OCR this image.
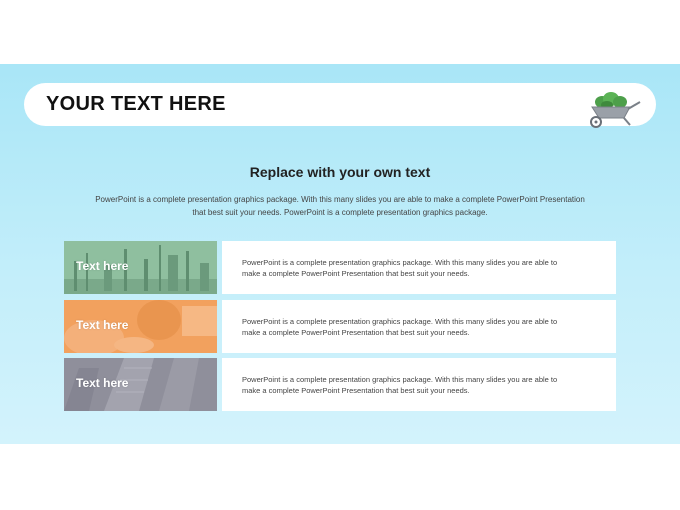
YOUR TEXT HERE
Replace with your own text
PowerPoint is a complete presentation graphics package. With this many slides you are able to make a complete PowerPoint Presentation
that best suit your needs. PowerPoint is a complete presentation graphics package.
Text here	PowerPoint is a complete presentation graphics package. With this many slides you are able to
make a complete PowerPoint Presentation that best suit your needs.
Text here	PowerPoint is a complete presentation graphics package. With this many slides you are able to
make a complete PowerPoint Presentation that best suit your needs.
Text here	PowerPoint is a complete presentation graphics package. With this many slides you are able to
make a complete PowerPoint Presentation that best suit your needs.
